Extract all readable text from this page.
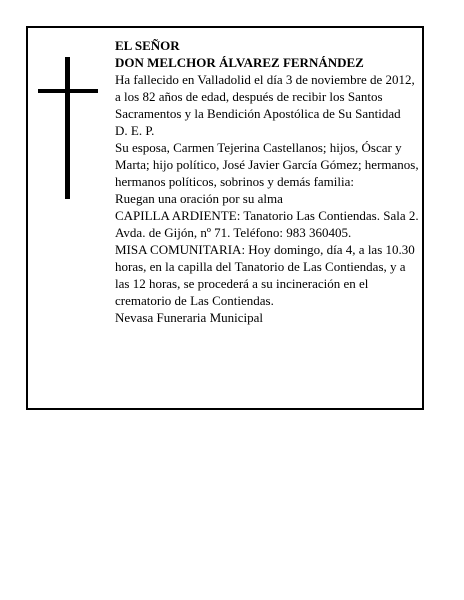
EL SEÑOR

DON MELCHOR ÁLVAREZ FERNÁNDEZ

Ha fallecido en Valladolid el día 3 de noviembre de 2012, a los 82 años de edad, después de recibir los Santos Sacramentos y la Bendición Apostólica de Su Santidad

D. E. P.

Su esposa, Carmen Tejerina Castellanos; hijos, Óscar y Marta; hijo político, José Javier García Gómez; hermanos, hermanos políticos, sobrinos y demás familia:

Ruegan una oración por su alma

CAPILLA ARDIENTE: Tanatorio Las Contiendas. Sala 2. Avda. de Gijón, nº 71. Teléfono: 983 360405.

MISA COMUNITARIA: Hoy domingo, día 4, a las 10.30 horas, en la capilla del Tanatorio de Las Contiendas, y a las 12 horas, se procederá a su incineración en el crematorio de Las Contiendas.

Nevasa Funeraria Municipal
